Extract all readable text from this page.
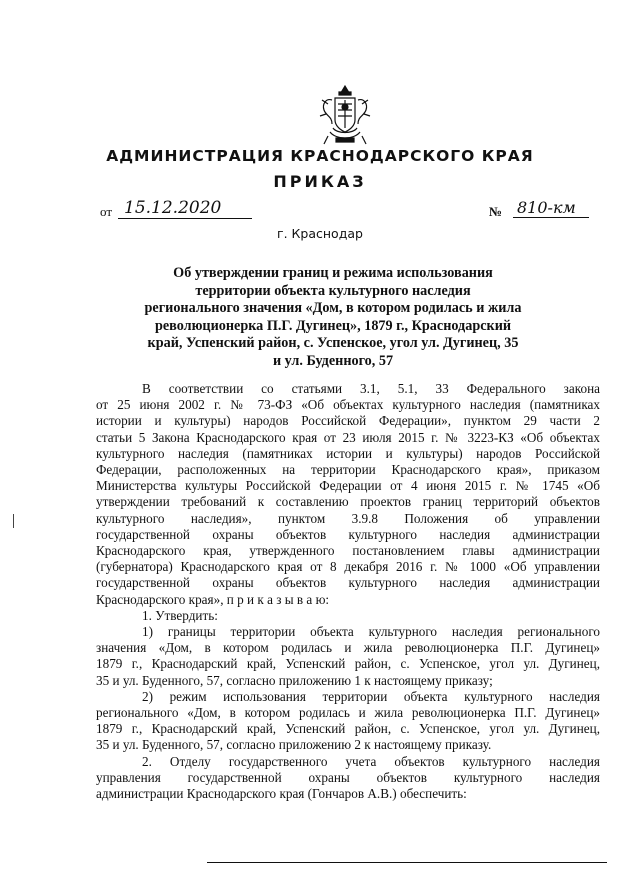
АДМИНИСТРАЦИЯ КРАСНОДАРСКОГО КРАЯ
ПРИКАЗ
от 15.12.2020	№ 810-км
г. Краснодар
Об утверждении границ и режима использования
территории объекта культурного наследия
регионального значения «Дом, в котором родилась и жила
революционерка П.Г. Дугинец», 1879 г., Краснодарский
край, Успенский район, с. Успенское, угол ул. Дугинец, 35
и ул. Буденного, 57
В соответствии со статьями 3.1, 5.1, 33 Федерального закона
от 25 июня 2002 г. № 73-ФЗ «Об объектах культурного наследия (памятниках
истории и культуры) народов Российской Федерации», пунктом 29 части 2
статьи 5 Закона Краснодарского края от 23 июля 2015 г. № 3223-КЗ «Об объектах
культурного наследия (памятниках истории и культуры) народов Российской
Федерации, расположенных на территории Краснодарского края», приказом
Министерства культуры Российской Федерации от 4 июня 2015 г. № 1745 «Об
утверждении требований к составлению проектов границ территорий объектов
культурного наследия», пунктом 3.9.8 Положения об управлении
государственной охраны объектов культурного наследия администрации
Краснодарского края, утвержденного постановлением главы администрации
(губернатора) Краснодарского края от 8 декабря 2016 г. № 1000 «Об управлении
государственной охраны объектов культурного наследия администрации
Краснодарского края», п р и к а з ы в а ю:
1. Утвердить:
1) границы территории объекта культурного наследия регионального
значения «Дом, в котором родилась и жила революционерка П.Г. Дугинец»
1879 г., Краснодарский край, Успенский район, с. Успенское, угол ул. Дугинец,
35 и ул. Буденного, 57, согласно приложению 1 к настоящему приказу;
2) режим использования территории объекта культурного наследия
регионального «Дом, в котором родилась и жила революционерка П.Г. Дугинец»
1879 г., Краснодарский край, Успенский район, с. Успенское, угол ул. Дугинец,
35 и ул. Буденного, 57, согласно приложению 2 к настоящему приказу.
2. Отделу государственного учета объектов культурного наследия
управления государственной охраны объектов культурного наследия
администрации Краснодарского края (Гончаров А.В.) обеспечить:
